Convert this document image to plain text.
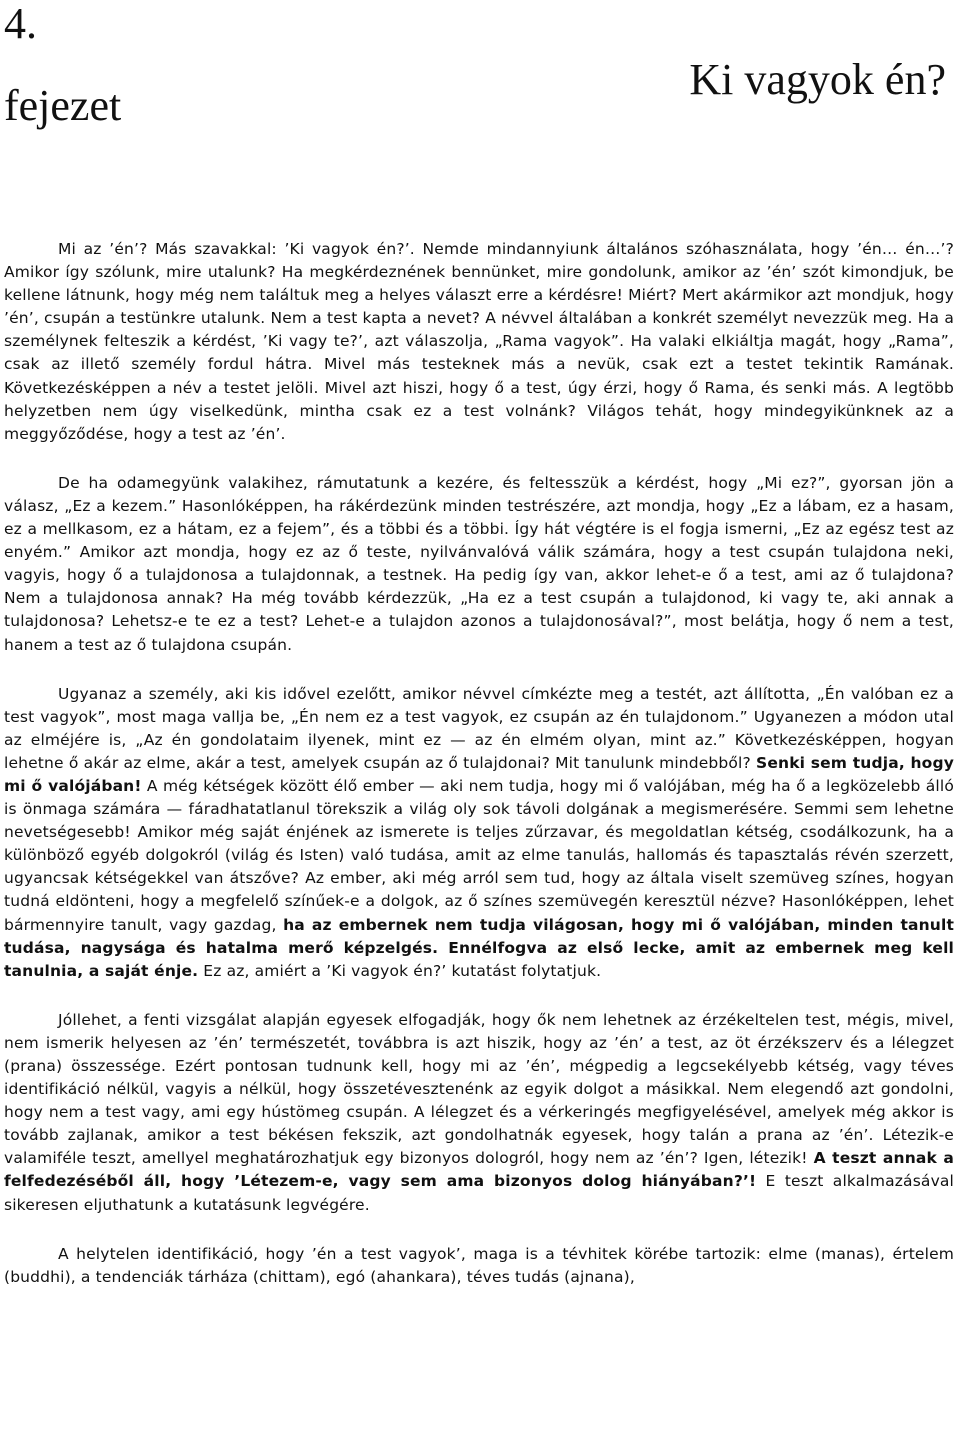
4.
fejezet
Ki vagyok én?

Mi az ’én’? Más szavakkal: ’Ki vagyok én?’. Nemde mindannyiunk általános szóhasználata, hogy ’én… én…’? Amikor így szólunk, mire utalunk? Ha megkérdeznének bennünket, mire gondolunk, amikor az ’én’ szót kimondjuk, be kellene látnunk, hogy még nem találtuk meg a helyes választ erre a kérdésre! Miért? Mert akármikor azt mondjuk, hogy ’én’, csupán a testünkre utalunk. Nem a test kapta a nevet? A névvel általában a konkrét személyt nevezzük meg. Ha a személynek felteszik a kérdést, ’Ki vagy te?’, azt válaszolja, „Rama vagyok”. Ha valaki elkiáltja magát, hogy „Rama”, csak az illető személy fordul hátra. Mivel más testeknek más a nevük, csak ezt a testet tekintik Ramának. Következésképpen a név a testet jelöli. Mivel azt hiszi, hogy ő a test, úgy érzi, hogy ő Rama, és senki más. A legtöbb helyzetben nem úgy viselkedünk, mintha csak ez a test volnánk? Világos tehát, hogy mindegyikünknek az a meggyőződése, hogy a test az ’én’.

De ha odamegyünk valakihez, rámutatunk a kezére, és feltesszük a kérdést, hogy „Mi ez?”, gyorsan jön a válasz, „Ez a kezem.” Hasonlóképpen, ha rákérdezünk minden testrészére, azt mondja, hogy „Ez a lábam, ez a hasam, ez a mellkasom, ez a hátam, ez a fejem”, és a többi és a többi. Így hát végtére is el fogja ismerni, „Ez az egész test az enyém.” Amikor azt mondja, hogy ez az ő teste, nyilvánvalóvá válik számára, hogy a test csupán tulajdona neki, vagyis, hogy ő a tulajdonosa a tulajdonnak, a testnek. Ha pedig így van, akkor lehet-e ő a test, ami az ő tulajdona? Nem a tulajdonosa annak? Ha még tovább kérdezzük, „Ha ez a test csupán a tulajdonod, ki vagy te, aki annak a tulajdonosa? Lehetsz-e te ez a test? Lehet-e a tulajdon azonos a tulajdonosával?”, most belátja, hogy ő nem a test, hanem a test az ő tulajdona csupán.

Ugyanaz a személy, aki kis idővel ezelőtt, amikor névvel címkézte meg a testét, azt állította, „Én valóban ez a test vagyok”, most maga vallja be, „Én nem ez a test vagyok, ez csupán az én tulajdonom.” Ugyanezen a módon utal az elméjére is, „Az én gondolataim ilyenek, mint ez — az én elmém olyan, mint az.” Következésképpen, hogyan lehetne ő akár az elme, akár a test, amelyek csupán az ő tulajdonai? Mit tanulunk mindebből? Senki sem tudja, hogy mi ő valójában! A még kétségek között élő ember — aki nem tudja, hogy mi ő valójában, még ha ő a legközelebb álló is önmaga számára — fáradhatatlanul törekszik a világ oly sok távoli dolgának a megismerésére. Semmi sem lehetne nevetségesebb! Amikor még saját énjének az ismerete is teljes zűrzavar, és megoldatlan kétség, csodálkozunk, ha a különböző egyéb dolgokról (világ és Isten) való tudása, amit az elme tanulás, hallomás és tapasztalás révén szerzett, ugyancsak kétségekkel van átszőve? Az ember, aki még arról sem tud, hogy az általa viselt szemüveg színes, hogyan tudná eldönteni, hogy a megfelelő színűek-e a dolgok, az ő színes szemüvegén keresztül nézve? Hasonlóképpen, lehet bármennyire tanult, vagy gazdag, ha az embernek nem tudja világosan, hogy mi ő valójában, minden tanult tudása, nagysága és hatalma merő képzelgés. Ennélfogva az első lecke, amit az embernek meg kell tanulnia, a saját énje. Ez az, amiért a ’Ki vagyok én?’ kutatást folytatjuk.

Jóllehet, a fenti vizsgálat alapján egyesek elfogadják, hogy ők nem lehetnek az érzékeltelen test, mégis, mivel, nem ismerik helyesen az ’én’ természetét, továbbra is azt hiszik, hogy az ’én’ a test, az öt érzékszerv és a lélegzet (prana) összessége. Ezért pontosan tudnunk kell, hogy mi az ’én’, mégpedig a legcsekélyebb kétség, vagy téves identifikáció nélkül, vagyis a nélkül, hogy összetévesztenénk az egyik dolgot a másikkal. Nem elegendő azt gondolni, hogy nem a test vagy, ami egy hústömeg csupán. A lélegzet és a vérkeringés megfigyelésével, amelyek még akkor is tovább zajlanak, amikor a test békésen fekszik, azt gondolhatnák egyesek, hogy talán a prana az ’én’. Létezik-e valamiféle teszt, amellyel meghatározhatjuk egy bizonyos dologról, hogy nem az ’én’? Igen, létezik! A teszt annak a felfedezéséből áll, hogy ’Létezem-e, vagy sem ama bizonyos dolog hiányában?’! E teszt alkalmazásával sikeresen eljuthatunk a kutatásunk legvégére.

A helytelen identifikáció, hogy ’én a test vagyok’, maga is a tévhitek körébe tartozik: elme (manas), értelem (buddhi), a tendenciák tárháza (chittam), egó (ahankara), téves tudás (ajnana),
